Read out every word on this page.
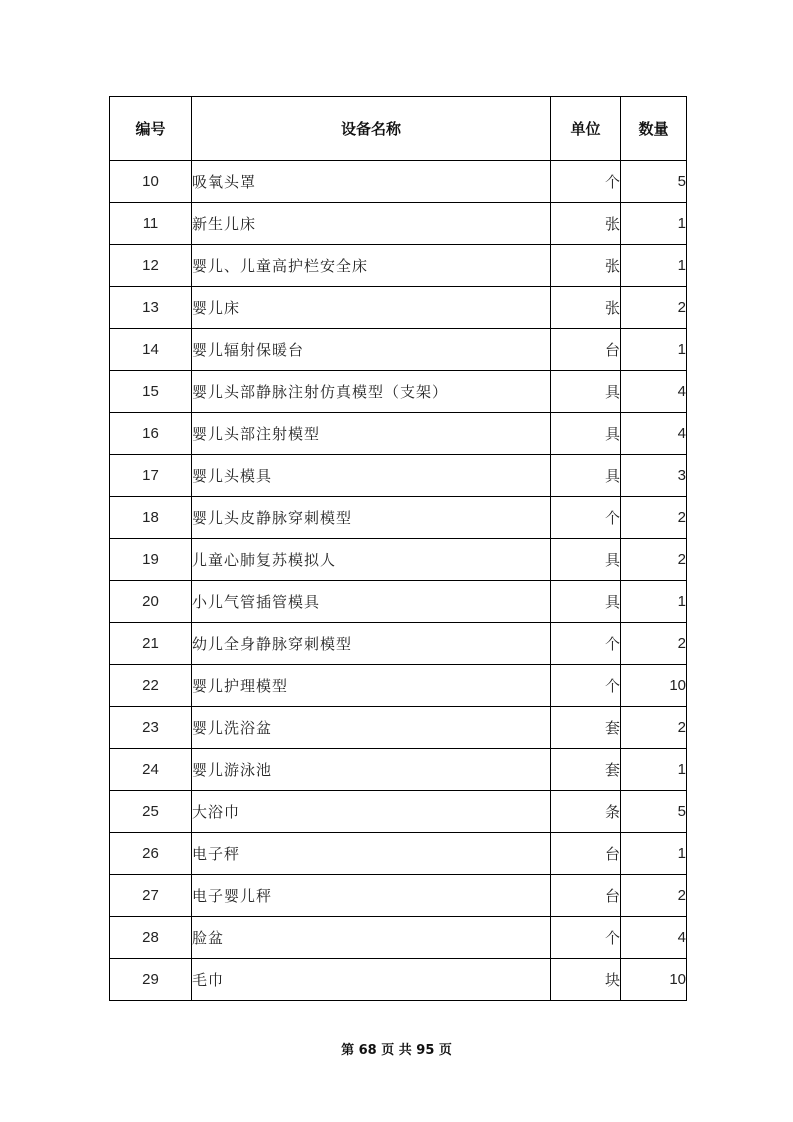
编号	设备名称	单位	数量
10	吸氧头罩	个	5
11	新生儿床	张	1
12	婴儿、儿童高护栏安全床	张	1
13	婴儿床	张	2
14	婴儿辐射保暖台	台	1
15	婴儿头部静脉注射仿真模型（支架）	具	4
16	婴儿头部注射模型	具	4
17	婴儿头模具	具	3
18	婴儿头皮静脉穿刺模型	个	2
19	儿童心肺复苏模拟人	具	2
20	小儿气管插管模具	具	1
21	幼儿全身静脉穿刺模型	个	2
22	婴儿护理模型	个	10
23	婴儿洗浴盆	套	2
24	婴儿游泳池	套	1
25	大浴巾	条	5
26	电子秤	台	1
27	电子婴儿秤	台	2
28	脸盆	个	4
29	毛巾	块	10
第 68 页 共 95 页
